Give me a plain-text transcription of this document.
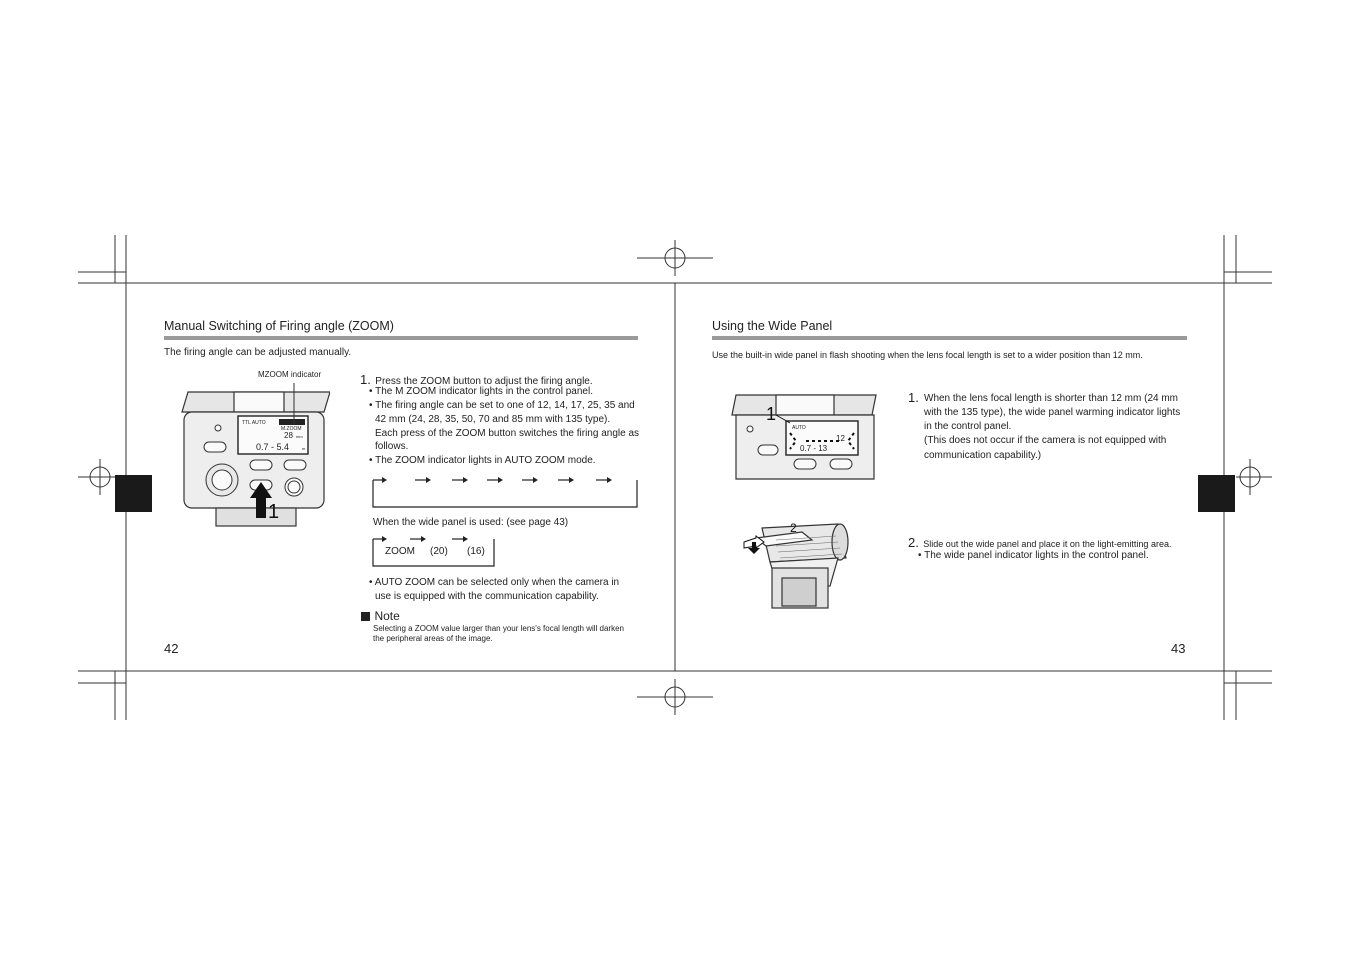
Manual Switching of Firing angle (ZOOM)
The firing angle can be adjusted manually.
TTL AUTO
M.ZOOM
28 mm
0.7 - 5.4	m
1
MZOOM indicator	1. Press the ZOOM button to adjust the firing angle.
• The M ZOOM indicator lights in the control panel.
• The firing angle can be set to one of 12, 14, 17, 25, 35 and
42 mm (24, 28, 35, 50, 70 and 85 mm with 135 type).
Each press of the ZOOM button switches the firing angle as
follows.
• The ZOOM indicator lights in AUTO ZOOM mode.
When the wide panel is used: (see page 43)
ZOOM (20) (16)
• AUTO ZOOM can be selected only when the camera in
use is equipped with the communication capability.
Note
Selecting a ZOOM value larger than your lens's focal length will darken
the peripheral areas of the image.
42
Using the Wide Panel
Use the built-in wide panel in flash shooting when the lens focal length is set to a wider position than 12 mm.
AUTO
12
0.7 - 13
1
1. When the lens focal length is shorter than 12 mm (24 mm
with the 135 type), the wide panel warming indicator lights
in the control panel.
(This does not occur if the camera is not equipped with
communication capability.)
2
2. Slide out the wide panel and place it on the light-emitting area.
• The wide panel indicator lights in the control panel.
43
